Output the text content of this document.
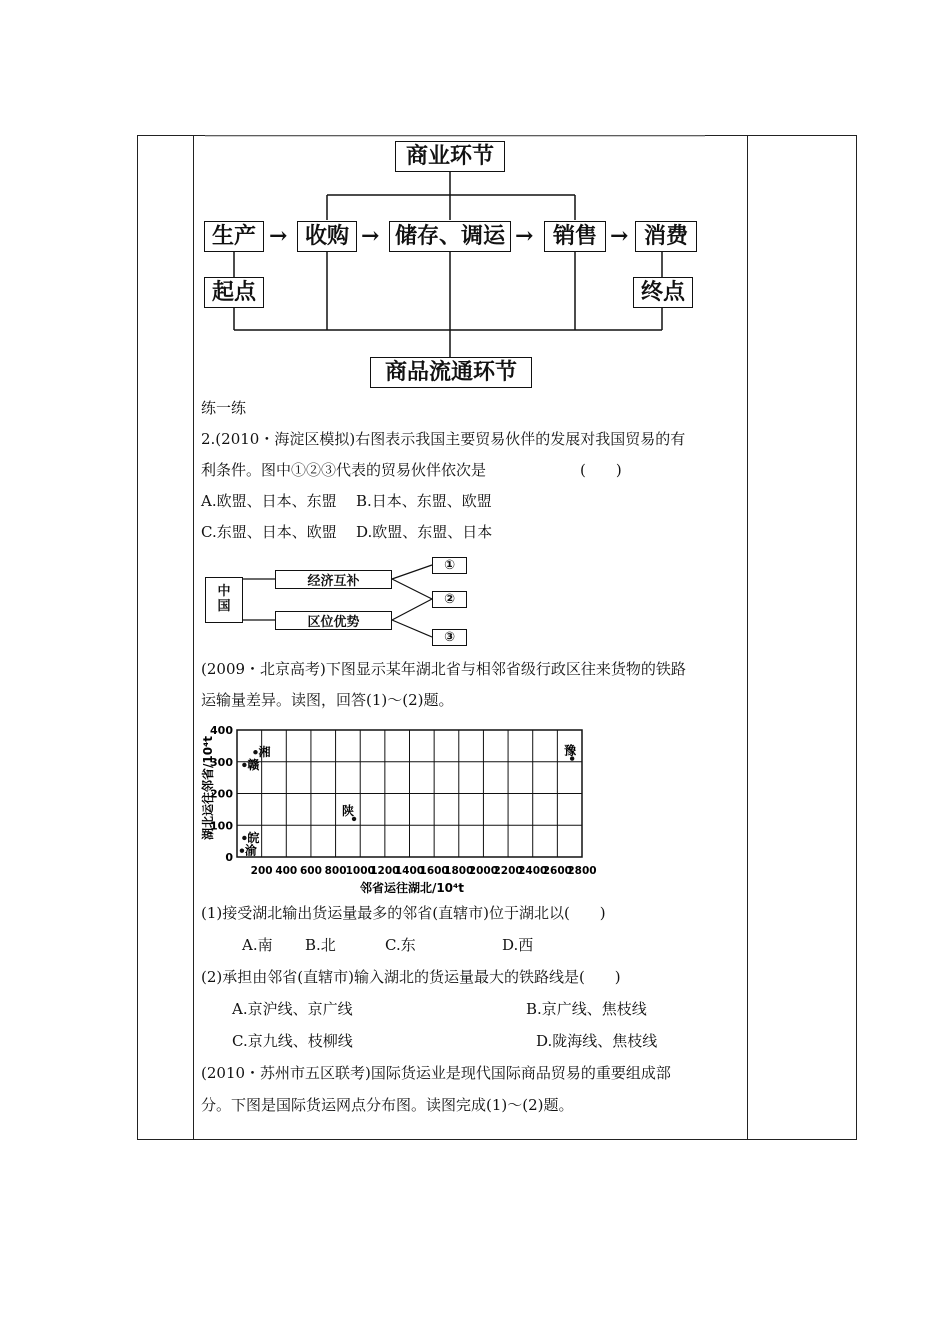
商业环节
生产 → 收购 → 储存、调运 → 销售 → 消费
起点	终点
商品流通环节
练一练
2.(2010・海淀区模拟)右图表示我国主要贸易伙伴的发展对我国贸易的有
利条件。图中①②③代表的贸易伙伴依次是	(　　)
A.欧盟、日本、东盟 B.日本、东盟、欧盟
C.东盟、日本、欧盟 D.欧盟、东盟、日本
中
国
经济互补
区位优势
①
②
③
(2009・北京高考)下图显示某年湖北省与相邻省级行政区往来货物的铁路
运输量差异。读图，回答(1)～(2)题。
0
100
200
300
400
200 400 600 800 1000
1200
1400
1600
1800
2000
2200
2400
2600
2800
湘
赣
陕
皖
渝
豫
湖北运往邻省/10⁴t
邻省运往湖北/10⁴t
(1)接受湖北输出货运量最多的邻省(直辖市)位于湖北以(　　)
A.南 B.北	C.东	D.西
(2)承担由邻省(直辖市)输入湖北的货运量最大的铁路线是(　　)
A.京沪线、京广线	B.京广线、焦枝线
C.京九线、枝柳线	D.陇海线、焦枝线
(2010・苏州市五区联考)国际货运业是现代国际商品贸易的重要组成部
分。下图是国际货运网点分布图。读图完成(1)～(2)题。
